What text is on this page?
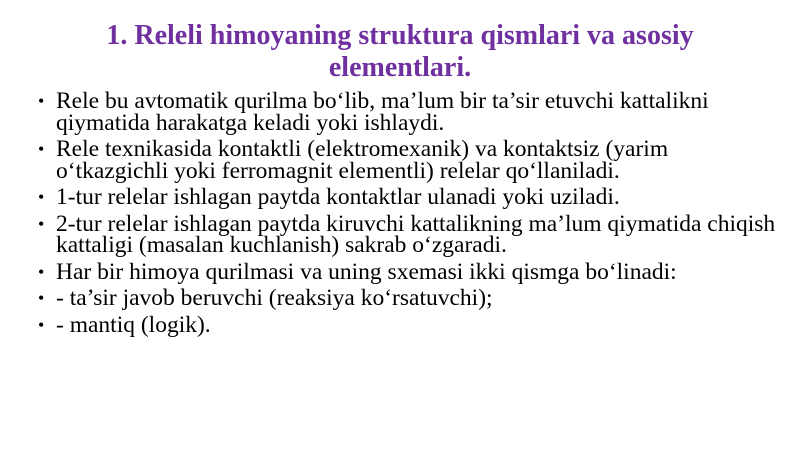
1. Releli himoyaning struktura qismlari va asosiy elementlari.
• Rele bu avtomatik qurilma bo‘lib, ma’lum bir ta’sir etuvchi kattalikni qiymatida harakatga keladi yoki ishlaydi.
• Rele texnikasida kontaktli (elektromexanik) va kontaktsiz (yarim o‘tkazgichli yoki ferromagnit elementli) relelar qo‘llaniladi.
• 1-tur relelar ishlagan paytda kontaktlar ulanadi yoki uziladi.
• 2-tur relelar ishlagan paytda kiruvchi kattalikning ma’lum qiymatida chiqish kattaligi (masalan kuchlanish) sakrab o‘zgaradi.
• Har bir himoya qurilmasi va uning sxemasi ikki qismga bo‘linadi:
• - ta’sir javob beruvchi (reaksiya ko‘rsatuvchi);
• - mantiq (logik).
